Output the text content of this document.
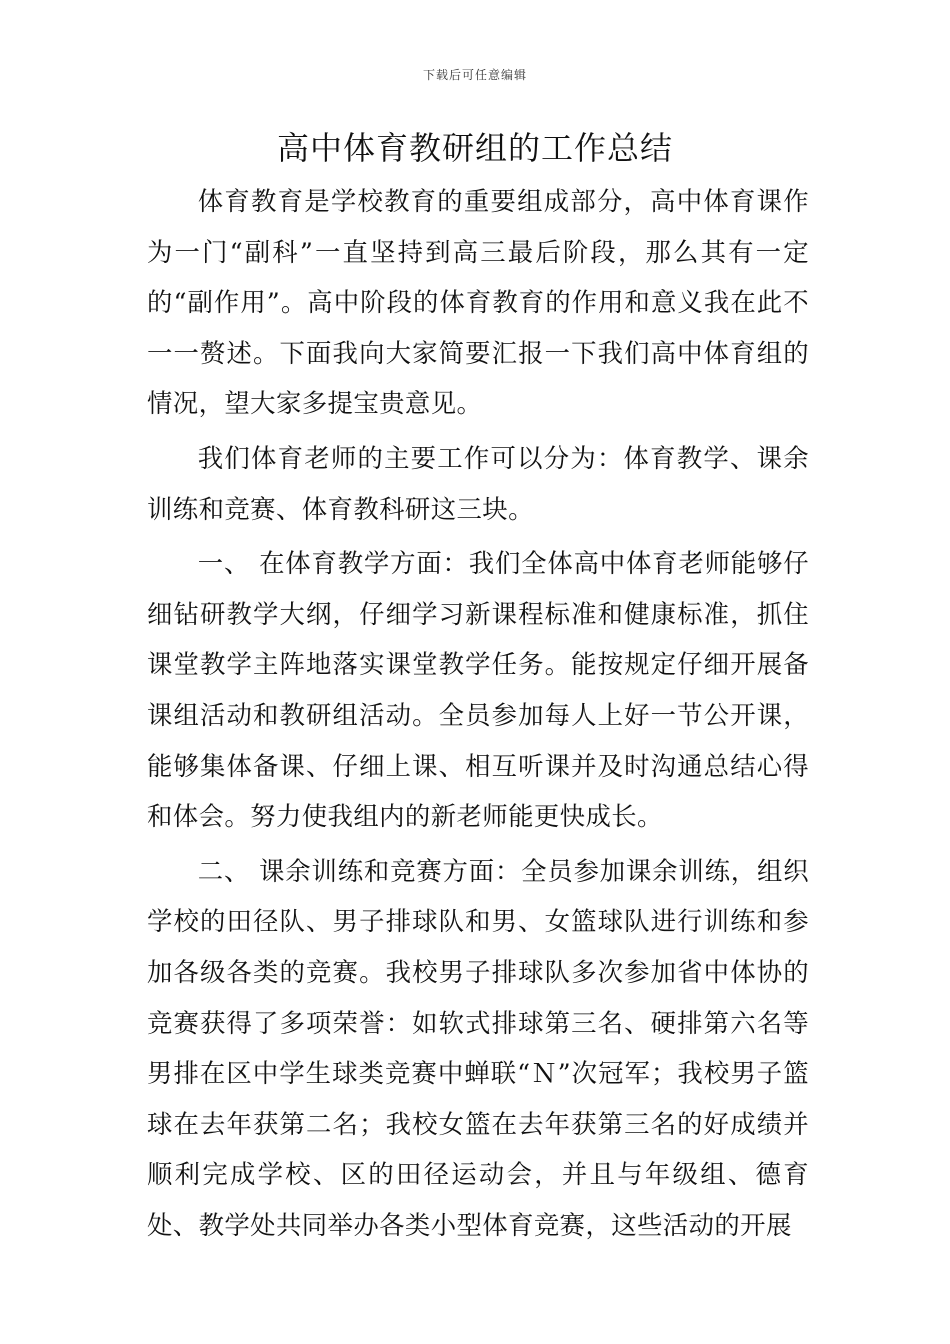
下载后可任意编辑
高中体育教研组的工作总结

体育教育是学校教育的重要组成部分，高中体育课作为一门“副科”一直坚持到高三最后阶段，那么其有一定的“副作用”。高中阶段的体育教育的作用和意义我在此不一一赘述。下面我向大家简要汇报一下我们高中体育组的情况，望大家多提宝贵意见。

我们体育老师的主要工作可以分为：体育教学、课余训练和竞赛、体育教科研这三块。

一、 在体育教学方面：我们全体高中体育老师能够仔细钻研教学大纲，仔细学习新课程标准和健康标准，抓住课堂教学主阵地落实课堂教学任务。能按规定仔细开展备课组活动和教研组活动。全员参加每人上好一节公开课，能够集体备课、仔细上课、相互听课并及时沟通总结心得和体会。努力使我组内的新老师能更快成长。

二、 课余训练和竞赛方面：全员参加课余训练，组织学校的田径队、男子排球队和男、女篮球队进行训练和参加各级各类的竞赛。我校男子排球队多次参加省中体协的竞赛获得了多项荣誉：如软式排球第三名、硬排第六名等男排在区中学生球类竞赛中蝉联“Ｎ”次冠军；我校男子篮球在去年获第二名；我校女篮在去年获第三名的好成绩并顺利完成学校、区的田径运动会，并且与年级组、德育处、教学处共同举办各类小型体育竞赛，这些活动的开展
